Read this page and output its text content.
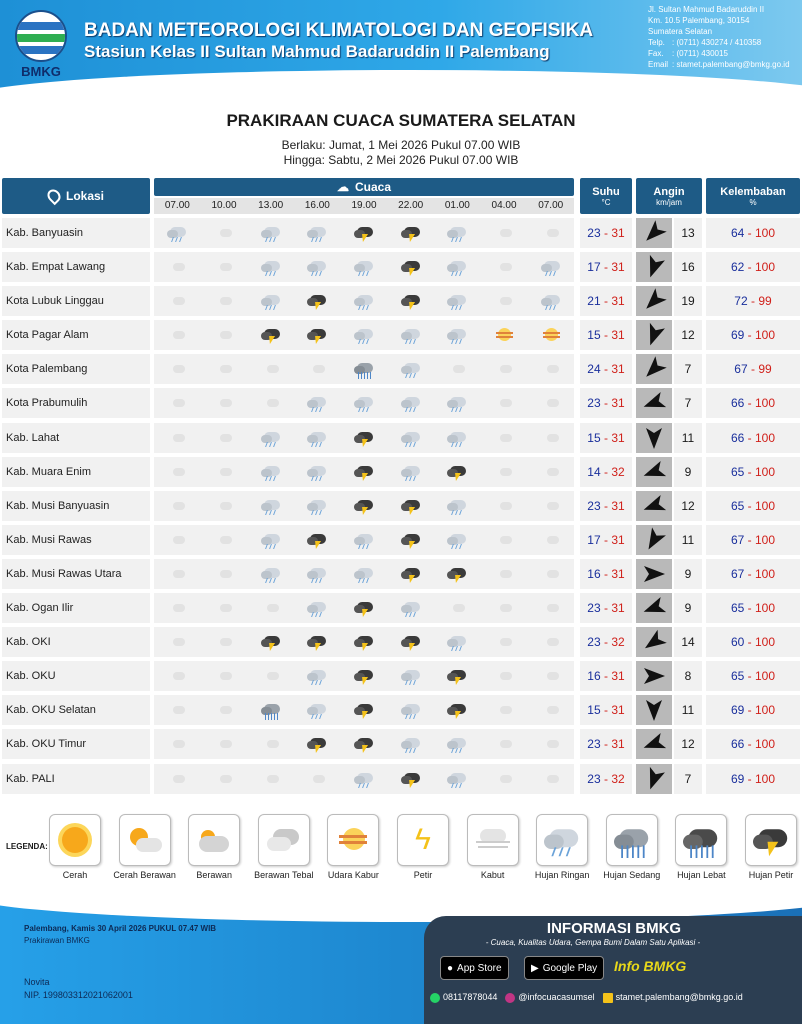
BMKG
BADAN METEOROLOGI KLIMATOLOGI DAN GEOFISIKA
Stasiun Kelas II Sultan Mahmud Badaruddin II Palembang
Jl. Sultan Mahmud Badaruddin II
Km. 10.5 Palembang, 30154
Sumatera Selatan
Telp. : (0711) 430274 / 410358
Fax. : (0711) 430015
Email : stamet.palembang@bmkg.go.id
PRAKIRAAN CUACA SUMATERA SELATAN
Berlaku: Jumat, 1 Mei 2026 Pukul 07.00 WIB
Hingga: Sabtu, 2 Mei 2026 Pukul 07.00 WIB
Lokasi
☁ Cuaca
07.00	10.00	13.00	16.00	19.00	22.00	01.00	04.00	07.00
Suhu
°C
Angin
km/jam
Kelembaban
%
Kab. Banyuasin	23 - 31	13	64 - 100
Kab. Empat Lawang	17 - 31	16	62 - 100
Kota Lubuk Linggau	21 - 31	19	72 - 99
Kota Pagar Alam	15 - 31	12	69 - 100
Kota Palembang	24 - 31	7	67 - 99
Kota Prabumulih	23 - 31	7	66 - 100
Kab. Lahat	15 - 31	11	66 - 100
Kab. Muara Enim	14 - 32	9	65 - 100
Kab. Musi Banyuasin	23 - 31	12	65 - 100
Kab. Musi Rawas	17 - 31	11	67 - 100
Kab. Musi Rawas Utara	16 - 31	9	67 - 100
Kab. Ogan Ilir	23 - 31	9	65 - 100
Kab. OKI	23 - 32	14	60 - 100
Kab. OKU	16 - 31	8	65 - 100
Kab. OKU Selatan	15 - 31	11	69 - 100
Kab. OKU Timur	23 - 31	12	66 - 100
Kab. PALI	23 - 32	7	69 - 100
LEGENDA:
Cerah	Cerah Berawan	Berawan	Berawan Tebal	Udara Kabur
ϟ
Petir	Kabut	Hujan Ringan	Hujan Sedang	Hujan Lebat	Hujan Petir
Palembang, Kamis 30 April 2026 PUKUL 07.47 WIB
Prakirawan BMKG
Novita
NIP. 199803312021062001
INFORMASI BMKG
- Cuaca, Kualitas Udara, Gempa Bumi Dalam Satu Aplikasi -
● App Store	▶ Google Play Info BMKG
08117878044	@infocuacasumsel	stamet.palembang@bmkg.go.id
